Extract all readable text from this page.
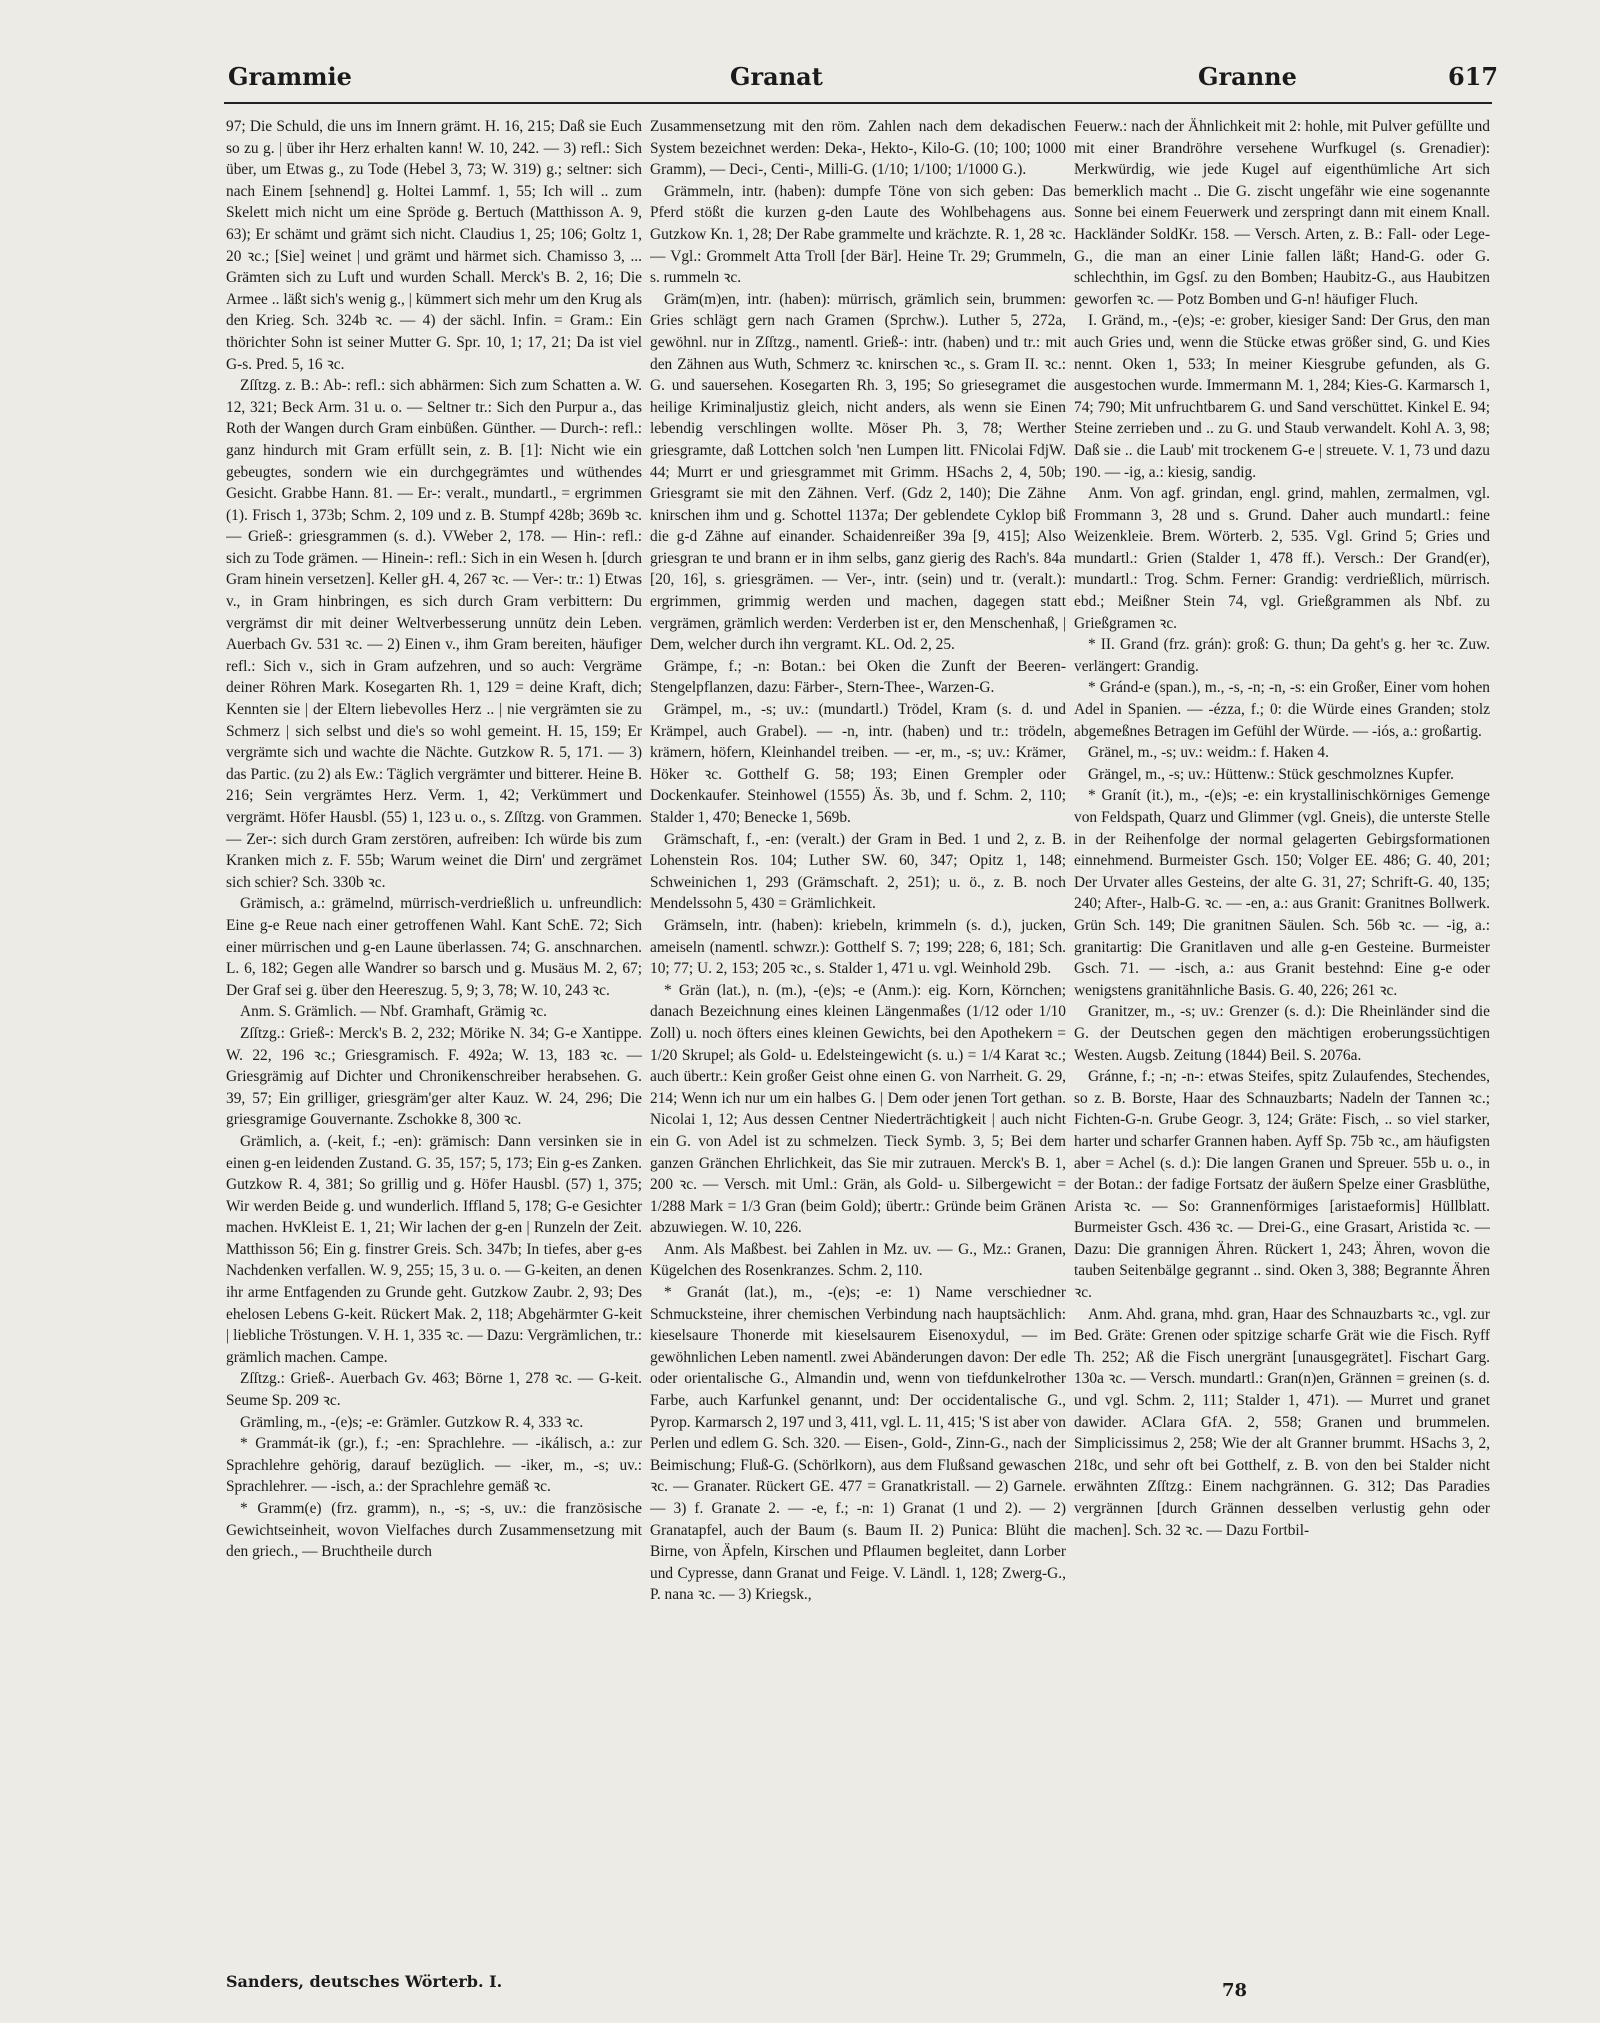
Grammie	Granat	Granne	617

97; Die Schuld, die uns im Innern grämt. H. 16, 215; Daß sie Euch so zu g. | über ihr Herz erhalten kann! W. 10, 242. — 3) refl.: Sich über, um Etwas g., zu Tode (Hebel 3, 73; W. 319) g.; seltner: sich nach Einem [sehnend] g. Holtei Lammf. 1, 55; Ich will .. zum Skelett mich nicht um eine Spröde g. Bertuch (Matthisson A. 9, 63); Er schämt und grämt sich nicht. Claudius 1, 25; 106; Goltz 1, 20 ꝛc.; [Sie] weinet | und grämt und härmet sich. Chamisso 3, ... Grämten sich zu Luft und wurden Schall. Merck's B. 2, 16; Die Armee .. läßt sich's wenig g., | kümmert sich mehr um den Krug als den Krieg. Sch. 324b ꝛc. — 4) der sächl. Infin. = Gram.: Ein thörichter Sohn ist seiner Mutter G. Spr. 10, 1; 17, 21; Da ist viel G-s. Pred. 5, 16 ꝛc.

Zſſtzg. z. B.: Ab-: refl.: sich abhärmen: Sich zum Schatten a. W. 12, 321; Beck Arm. 31 u. o. — Seltner tr.: Sich den Purpur a., das Roth der Wangen durch Gram einbüßen. Günther. — Durch-: refl.: ganz hindurch mit Gram erfüllt sein, z. B. [1]: Nicht wie ein gebeugtes, sondern wie ein durchgegrämtes und wüthendes Gesicht. Grabbe Hann. 81. — Er-: veralt., mundartl., = ergrimmen (1). Frisch 1, 373b; Schm. 2, 109 und z. B. Stumpf 428b; 369b ꝛc. — Grieß-: griesgrammen (s. d.). VWeber 2, 178. — Hin-: refl.: sich zu Tode grämen. — Hinein-: refl.: Sich in ein Wesen h. [durch Gram hinein versetzen]. Keller gH. 4, 267 ꝛc. — Ver-: tr.: 1) Etwas v., in Gram hinbringen, es sich durch Gram verbittern: Du vergrämst dir mit deiner Weltverbesserung unnütz dein Leben. Auerbach Gv. 531 ꝛc. — 2) Einen v., ihm Gram bereiten, häufiger refl.: Sich v., sich in Gram aufzehren, und so auch: Vergräme deiner Röhren Mark. Kosegarten Rh. 1, 129 = deine Kraft, dich; Kennten sie | der Eltern liebevolles Herz .. | nie vergrämten sie zu Schmerz | sich selbst und die's so wohl gemeint. H. 15, 159; Er vergrämte sich und wachte die Nächte. Gutzkow R. 5, 171. — 3) das Partic. (zu 2) als Ew.: Täglich vergrämter und bitterer. Heine B. 216; Sein vergrämtes Herz. Verm. 1, 42; Verkümmert und vergrämt. Höfer Hausbl. (55) 1, 123 u. o., s. Zſſtzg. von Grammen. — Zer-: sich durch Gram zerstören, aufreiben: Ich würde bis zum Kranken mich z. F. 55b; Warum weinet die Dirn' und zergrämet sich schier? Sch. 330b ꝛc.

Grämisch, a.: grämelnd, mürrisch-verdrießlich u. unfreundlich: Eine g-e Reue nach einer getroffenen Wahl. Kant SchE. 72; Sich einer mürrischen und g-en Laune überlassen. 74; G. anschnarchen. L. 6, 182; Gegen alle Wandrer so barsch und g. Musäus M. 2, 67; Der Graf sei g. über den Heereszug. 5, 9; 3, 78; W. 10, 243 ꝛc.

Anm. S. Grämlich. — Nbf. Gramhaft, Grämig ꝛc.

Zſſtzg.: Grieß-: Merck's B. 2, 232; Mörike N. 34; G-e Xantippe. W. 22, 196 ꝛc.; Griesgramisch. F. 492a; W. 13, 183 ꝛc. — Griesgrämig auf Dichter und Chronikenschreiber herabsehen. G. 39, 57; Ein grilliger, griesgräm'ger alter Kauz. W. 24, 296; Die griesgramige Gouvernante. Zschokke 8, 300 ꝛc.

Grämlich, a. (-keit, f.; -en): grämisch: Dann versinken sie in einen g-en leidenden Zustand. G. 35, 157; 5, 173; Ein g-es Zanken. Gutzkow R. 4, 381; So grillig und g. Höfer Hausbl. (57) 1, 375; Wir werden Beide g. und wunderlich. Iffland 5, 178; G-e Gesichter machen. HvKleist E. 1, 21; Wir lachen der g-en | Runzeln der Zeit. Matthisson 56; Ein g. finstrer Greis. Sch. 347b; In tiefes, aber g-es Nachdenken verfallen. W. 9, 255; 15, 3 u. o. — G-keiten, an denen ihr arme Entfagenden zu Grunde geht. Gutzkow Zaubr. 2, 93; Des ehelosen Lebens G-keit. Rückert Mak. 2, 118; Abgehärmter G-keit | liebliche Tröstungen. V. H. 1, 335 ꝛc. — Dazu: Vergrämlichen, tr.: grämlich machen. Campe.

Zſſtzg.: Grieß-. Auerbach Gv. 463; Börne 1, 278 ꝛc. — G-keit. Seume Sp. 209 ꝛc.

Grämling, m., -(e)s; -e: Grämler. Gutzkow R. 4, 333 ꝛc.

* Grammát-ik (gr.), f.; -en: Sprachlehre. — -ikálisch, a.: zur Sprachlehre gehörig, darauf bezüglich. — -iker, m., -s; uv.: Sprachlehrer. — -isch, a.: der Sprachlehre gemäß ꝛc.

* Gramm(e) (frz. gramm), n., -s; -s, uv.: die französische Gewichtseinheit, wovon Vielfaches durch Zusammensetzung mit den griech., — Bruchtheile durch

Zusammensetzung mit den röm. Zahlen nach dem dekadischen System bezeichnet werden: Deka-, Hekto-, Kilo-G. (10; 100; 1000 Gramm), — Deci-, Centi-, Milli-G. (1/10; 1/100; 1/1000 G.).

Grämmeln, intr. (haben): dumpfe Töne von sich geben: Das Pferd stößt die kurzen g-den Laute des Wohlbehagens aus. Gutzkow Kn. 1, 28; Der Rabe grammelte und krächzte. R. 1, 28 ꝛc. — Vgl.: Grommelt Atta Troll [der Bär]. Heine Tr. 29; Grummeln, s. rummeln ꝛc.

Gräm(m)en, intr. (haben): mürrisch, grämlich sein, brummen: Gries schlägt gern nach Gramen (Sprchw.). Luther 5, 272a, gewöhnl. nur in Zſſtzg., namentl. Grieß-: intr. (haben) und tr.: mit den Zähnen aus Wuth, Schmerz ꝛc. knirschen ꝛc., s. Gram II. ꝛc.: G. und sauersehen. Kosegarten Rh. 3, 195; So griesegramet die heilige Kriminaljustiz gleich, nicht anders, als wenn sie Einen lebendig verschlingen wollte. Möser Ph. 3, 78; Werther griesgramte, daß Lottchen solch 'nen Lumpen litt. FNicolai FdjW. 44; Murrt er und griesgrammet mit Grimm. HSachs 2, 4, 50b; Griesgramt sie mit den Zähnen. Verf. (Gdz 2, 140); Die Zähne knirschen ihm und g. Schottel 1137a; Der geblendete Cyklop biß die g-d Zähne auf einander. Schaidenreißer 39a [9, 415]; Also griesgran te und brann er in ihm selbs, ganz gierig des Rach's. 84a [20, 16], s. griesgrämen. — Ver-, intr. (sein) und tr. (veralt.): ergrimmen, grimmig werden und machen, dagegen statt vergrämen, grämlich werden: Verderben ist er, den Menschenhaß, | Dem, welcher durch ihn vergramt. KL. Od. 2, 25.

Grämpe, f.; -n: Botan.: bei Oken die Zunft der Beeren-Stengelpflanzen, dazu: Färber-, Stern-Thee-, Warzen-G.

Grämpel, m., -s; uv.: (mundartl.) Trödel, Kram (s. d. und Krämpel, auch Grabel). — -n, intr. (haben) und tr.: trödeln, krämern, höfern, Kleinhandel treiben. — -er, m., -s; uv.: Krämer, Höker ꝛc. Gotthelf G. 58; 193; Einen Grempler oder Dockenkaufer. Steinhowel (1555) Äs. 3b, und f. Schm. 2, 110; Stalder 1, 470; Benecke 1, 569b.

Grämschaft, f., -en: (veralt.) der Gram in Bed. 1 und 2, z. B. Lohenstein Ros. 104; Luther SW. 60, 347; Opitz 1, 148; Schweinichen 1, 293 (Grämschaft. 2, 251); u. ö., z. B. noch Mendelssohn 5, 430 = Grämlichkeit.

Grämseln, intr. (haben): kriebeln, krimmeln (s. d.), jucken, ameiseln (namentl. schwzr.): Gotthelf S. 7; 199; 228; 6, 181; Sch. 10; 77; U. 2, 153; 205 ꝛc., s. Stalder 1, 471 u. vgl. Weinhold 29b.

* Grän (lat.), n. (m.), -(e)s; -e (Anm.): eig. Korn, Körnchen; danach Bezeichnung eines kleinen Längenmaßes (1/12 oder 1/10 Zoll) u. noch öfters eines kleinen Gewichts, bei den Apothekern = 1/20 Skrupel; als Gold- u. Edelsteingewicht (s. u.) = 1/4 Karat ꝛc.; auch übertr.: Kein großer Geist ohne einen G. von Narrheit. G. 29, 214; Wenn ich nur um ein halbes G. | Dem oder jenen Tort gethan. Nicolai 1, 12; Aus dessen Centner Niederträchtigkeit | auch nicht ein G. von Adel ist zu schmelzen. Tieck Symb. 3, 5; Bei dem ganzen Gränchen Ehrlichkeit, das Sie mir zutrauen. Merck's B. 1, 200 ꝛc. — Versch. mit Uml.: Grän, als Gold- u. Silbergewicht = 1/288 Mark = 1/3 Gran (beim Gold); übertr.: Gründe beim Gränen abzuwiegen. W. 10, 226.

Anm. Als Maßbest. bei Zahlen in Mz. uv. — G., Mz.: Granen, Kügelchen des Rosenkranzes. Schm. 2, 110.

* Granát (lat.), m., -(e)s; -e: 1) Name verschiedner Schmucksteine, ihrer chemischen Verbindung nach hauptsächlich: kieselsaure Thonerde mit kieselsaurem Eisenoxydul, — im gewöhnlichen Leben namentl. zwei Abänderungen davon: Der edle oder orientalische G., Almandin und, wenn von tiefdunkelrother Farbe, auch Karfunkel genannt, und: Der occidentalische G., Pyrop. Karmarsch 2, 197 und 3, 411, vgl. L. 11, 415; 'S ist aber von Perlen und edlem G. Sch. 320. — Eisen-, Gold-, Zinn-G., nach der Beimischung; Fluß-G. (Schörlkorn), aus dem Flußsand gewaschen ꝛc. — Granater. Rückert GE. 477 = Granatkristall. — 2) Garnele. — 3) f. Granate 2. — -e, f.; -n: 1) Granat (1 und 2). — 2) Granatapfel, auch der Baum (s. Baum II. 2) Punica: Blüht die Birne, von Äpfeln, Kirschen und Pflaumen begleitet, dann Lorber und Cypresse, dann Granat und Feige. V. Ländl. 1, 128; Zwerg-G., P. nana ꝛc. — 3) Kriegsk.,

Feuerw.: nach der Ähnlichkeit mit 2: hohle, mit Pulver gefüllte und mit einer Brandröhre versehene Wurfkugel (s. Grenadier): Merkwürdig, wie jede Kugel auf eigenthümliche Art sich bemerklich macht .. Die G. zischt ungefähr wie eine sogenannte Sonne bei einem Feuerwerk und zerspringt dann mit einem Knall. Hackländer SoldKr. 158. — Versch. Arten, z. B.: Fall- oder Lege-G., die man an einer Linie fallen läßt; Hand-G. oder G. schlechthin, im Ggsſ. zu den Bomben; Haubitz-G., aus Haubitzen geworfen ꝛc. — Potz Bomben und G-n! häufiger Fluch.

I. Gränd, m., -(e)s; -e: grober, kiesiger Sand: Der Grus, den man auch Gries und, wenn die Stücke etwas größer sind, G. und Kies nennt. Oken 1, 533; In meiner Kiesgrube gefunden, als G. ausgestochen wurde. Immermann M. 1, 284; Kies-G. Karmarsch 1, 74; 790; Mit unfruchtbarem G. und Sand verschüttet. Kinkel E. 94; Steine zerrieben und .. zu G. und Staub verwandelt. Kohl A. 3, 98; Daß sie .. die Laub' mit trockenem G-e | streuete. V. 1, 73 und dazu 190. — -ig, a.: kiesig, sandig.

Anm. Von agf. grindan, engl. grind, mahlen, zermalmen, vgl. Frommann 3, 28 und s. Grund. Daher auch mundartl.: feine Weizenkleie. Brem. Wörterb. 2, 535. Vgl. Grind 5; Gries und mundartl.: Grien (Stalder 1, 478 ff.). Versch.: Der Grand(er), mundartl.: Trog. Schm. Ferner: Grandig: verdrießlich, mürrisch. ebd.; Meißner Stein 74, vgl. Grießgrammen als Nbf. zu Grießgramen ꝛc.

* II. Grand (frz. grán): groß: G. thun; Da geht's g. her ꝛc. Zuw. verlängert: Grandig.

* Gránd-e (span.), m., -s, -n; -n, -s: ein Großer, Einer vom hohen Adel in Spanien. — -ézza, f.; 0: die Würde eines Granden; stolz abgemeßnes Betragen im Gefühl der Würde. — -iós, a.: großartig.

Gränel, m., -s; uv.: weidm.: f. Haken 4.

Grängel, m., -s; uv.: Hüttenw.: Stück geschmolznes Kupfer.

* Granít (it.), m., -(e)s; -e: ein krystallinischkörniges Gemenge von Feldspath, Quarz und Glimmer (vgl. Gneis), die unterste Stelle in der Reihenfolge der normal gelagerten Gebirgsformationen einnehmend. Burmeister Gsch. 150; Volger EE. 486; G. 40, 201; Der Urvater alles Gesteins, der alte G. 31, 27; Schrift-G. 40, 135; 240; After-, Halb-G. ꝛc. — -en, a.: aus Granit: Granitnes Bollwerk. Grün Sch. 149; Die granitnen Säulen. Sch. 56b ꝛc. — -ig, a.: granitartig: Die Granitlaven und alle g-en Gesteine. Burmeister Gsch. 71. — -isch, a.: aus Granit bestehnd: Eine g-e oder wenigstens granitähnliche Basis. G. 40, 226; 261 ꝛc.

Granitzer, m., -s; uv.: Grenzer (s. d.): Die Rheinländer sind die G. der Deutschen gegen den mächtigen eroberungssüchtigen Westen. Augsb. Zeitung (1844) Beil. S. 2076a.

Gránne, f.; -n; -n-: etwas Steifes, spitz Zulaufendes, Stechendes, so z. B. Borste, Haar des Schnauzbarts; Nadeln der Tannen ꝛc.; Fichten-G-n. Grube Geogr. 3, 124; Gräte: Fisch, .. so viel starker, harter und scharfer Grannen haben. Ayff Sp. 75b ꝛc., am häufigsten aber = Achel (s. d.): Die langen Granen und Spreuer. 55b u. o., in der Botan.: der fadige Fortsatz der äußern Spelze einer Grasblüthe, Arista ꝛc. — So: Grannenförmiges [aristaeformis] Hüllblatt. Burmeister Gsch. 436 ꝛc. — Drei-G., eine Grasart, Aristida ꝛc. — Dazu: Die grannigen Ähren. Rückert 1, 243; Ähren, wovon die tauben Seitenbälge gegrannt .. sind. Oken 3, 388; Begrannte Ähren ꝛc.

Anm. Ahd. grana, mhd. gran, Haar des Schnauzbarts ꝛc., vgl. zur Bed. Gräte: Grenen oder spitzige scharfe Grät wie die Fisch. Ryff Th. 252; Aß die Fisch unergränt [unausgegrätet]. Fischart Garg. 130a ꝛc. — Versch. mundartl.: Gran(n)en, Grännen = greinen (s. d. und vgl. Schm. 2, 111; Stalder 1, 471). — Murret und granet dawider. AClara GfA. 2, 558; Granen und brummelen. Simplicissimus 2, 258; Wie der alt Granner brummt. HSachs 3, 2, 218c, und sehr oft bei Gotthelf, z. B. von den bei Stalder nicht erwähnten Zſſtzg.: Einem nachgrännen. G. 312; Das Paradies vergrännen [durch Grännen desselben verlustig gehn oder machen]. Sch. 32 ꝛc. — Dazu Fortbil-

Sanders, deutsches Wörterb. I.	78
